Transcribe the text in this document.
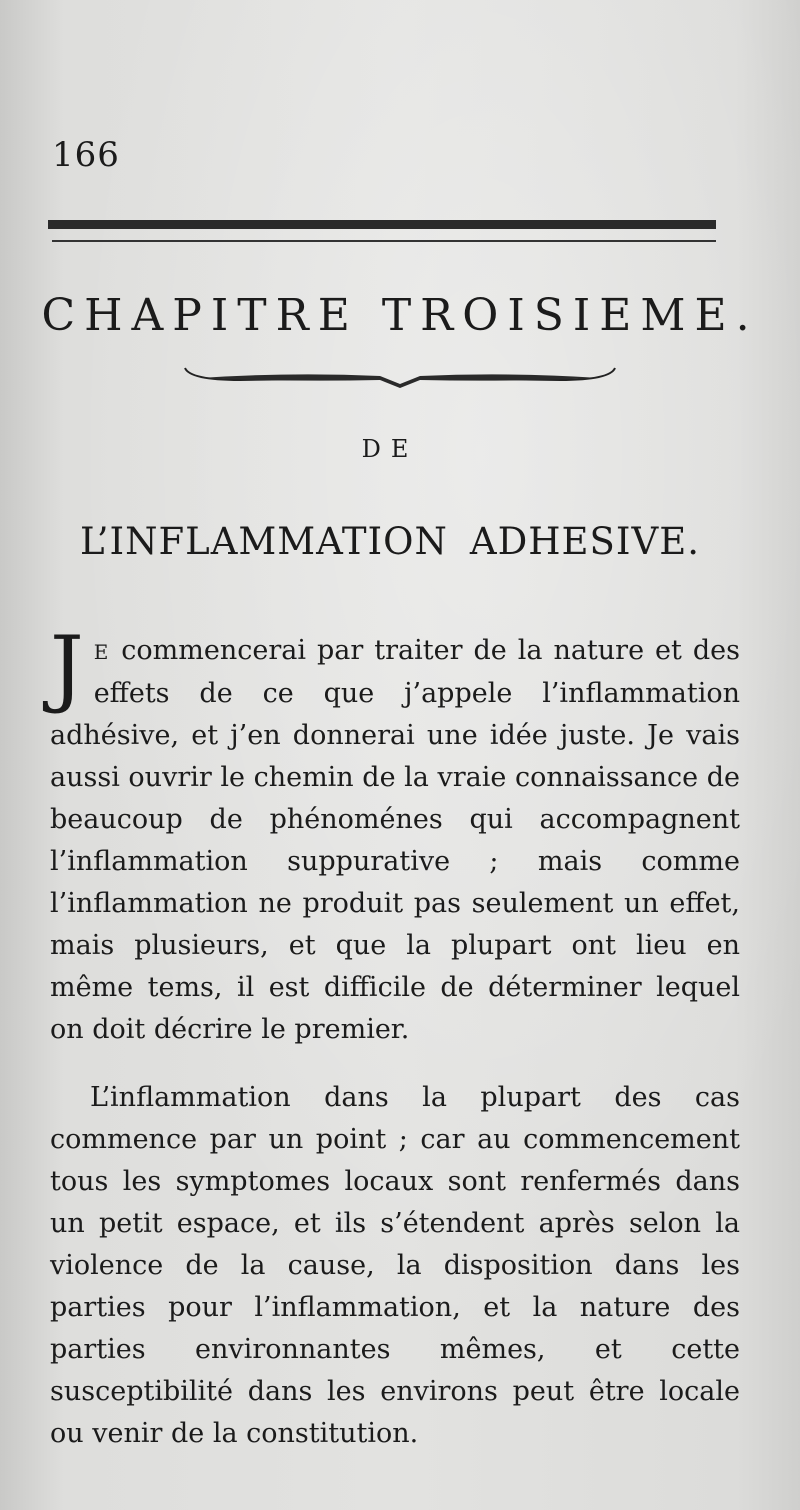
166
CHAPITRE TROISIEME.
DE
L’INFLAMMATION ADHESIVE.

J E commencerai par traiter de la nature et des effets de ce que j’appele l’inflammation adhésive, et j’en donnerai une idée juste. Je vais aussi ouvrir le chemin de la vraie connaissance de beaucoup de phénoménes qui accompagnent l’inflammation suppurative ; mais comme l’inflammation ne produit pas seulement un effet, mais plusieurs, et que la plupart ont lieu en même tems, il est difficile de déterminer lequel on doit décrire le premier.

L’inflammation dans la plupart des cas commence par un point ; car au commencement tous les symptomes locaux sont renfermés dans un petit espace, et ils s’étendent après selon la violence de la cause, la disposition dans les parties pour l’inflammation, et la nature des parties environnantes mêmes, et cette susceptibilité dans les environs peut être locale ou venir de la constitution.
